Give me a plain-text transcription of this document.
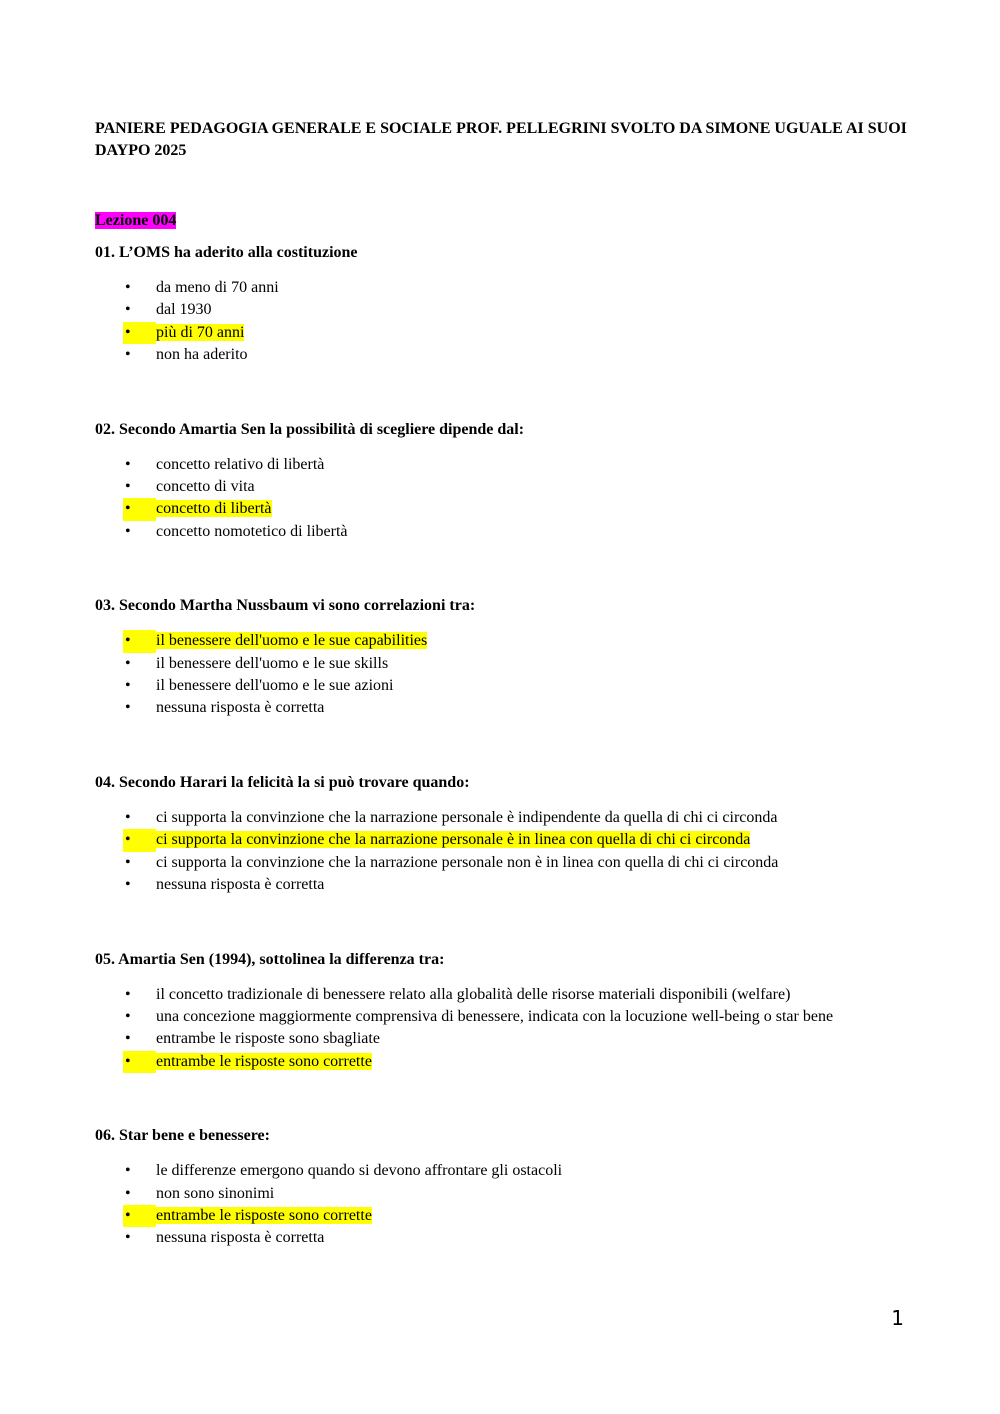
PANIERE PEDAGOGIA GENERALE E SOCIALE PROF. PELLEGRINI SVOLTO DA SIMONE UGUALE AI SUOI DAYPO 2025

Lezione 004

01. L’OMS ha aderito alla costituzione

•	da meno di 70 anni
•	dal 1930
•	più di 70 anni
•	non ha aderito

02. Secondo Amartia Sen la possibilità di scegliere dipende dal:

•	concetto relativo di libertà
•	concetto di vita
•	concetto di libertà
•	concetto nomotetico di libertà

03. Secondo Martha Nussbaum vi sono correlazioni tra:

•	il benessere dell'uomo e le sue capabilities
•	il benessere dell'uomo e le sue skills
•	il benessere dell'uomo e le sue azioni
•	nessuna risposta è corretta

04. Secondo Harari la felicità la si può trovare quando:

•	ci supporta la convinzione che la narrazione personale è indipendente da quella di chi ci circonda
•	ci supporta la convinzione che la narrazione personale è in linea con quella di chi ci circonda
•	ci supporta la convinzione che la narrazione personale non è in linea con quella di chi ci circonda
•	nessuna risposta è corretta

05. Amartia Sen (1994), sottolinea la differenza tra:

•	il concetto tradizionale di benessere relato alla globalità delle risorse materiali disponibili (welfare)
•	una concezione maggiormente comprensiva di benessere, indicata con la locuzione well-being o star bene
•	entrambe le risposte sono sbagliate
•	entrambe le risposte sono corrette

06. Star bene e benessere:

•	le differenze emergono quando si devono affrontare gli ostacoli
•	non sono sinonimi
•	entrambe le risposte sono corrette
•	nessuna risposta è corretta
1
